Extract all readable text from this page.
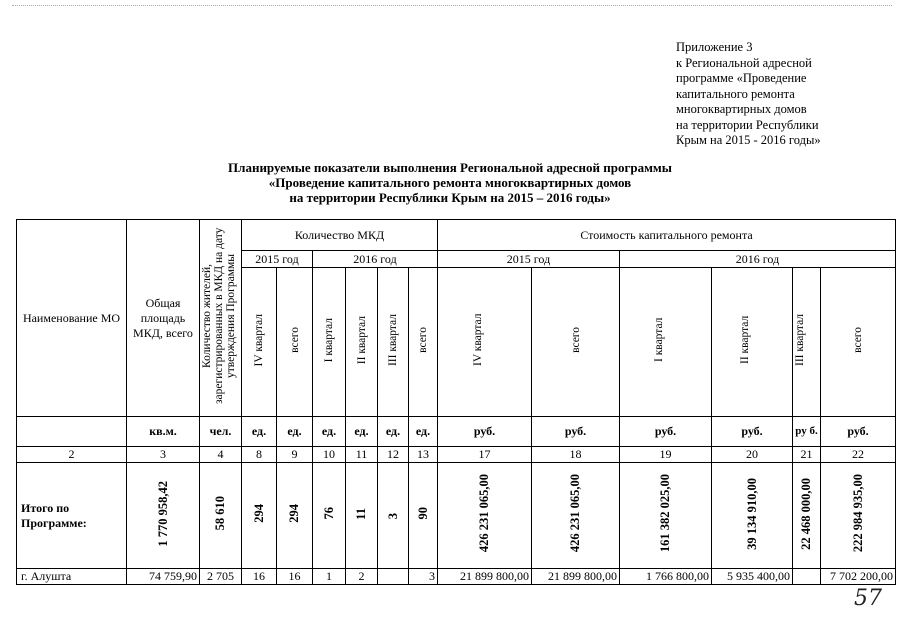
Приложение 3
к Региональной адресной
программе «Проведение
капитального ремонта
многоквартирных домов
на территории Республики
Крым на 2015 - 2016 годы»
Планируемые показатели выполнения Региональной адресной программы
«Проведение капитального ремонта многоквартирных домов
на территории Республики Крым на 2015 – 2016 годы»
Наименование МО	Общая площадь МКД, всего	Количество жителей, зарегистрированных в МКД на дату утверждения Программы	Количество МКД						Стоимость капитального ремонта					
			2015 год		2016 год				2015 год		2016 год			
			IV квартал	всего	I квартал	II квартал	III квартал	всего	IV квартал	всего	I квартал	II квартал	III квартал	всего
	кв.м.	чел.	ед.	ед.	ед.	ед.	ед.	ед.	руб.	руб.	руб.	руб.	ру б.	руб.
2	3	4	8	9	10	11	12	13	17	18	19	20	21	22
Итого по Программе:	1 770 958,42	58 610	294	294	76	11	3	90	426 231 065,00	426 231 065,00	161 382 025,00	39 134 910,00	22 468 000,00	222 984 935,00
г. Алушта	74 759,90	2 705	16	16	1	2		3	21 899 800,00	21 899 800,00	1 766 800,00	5 935 400,00		7 702 200,00
57
